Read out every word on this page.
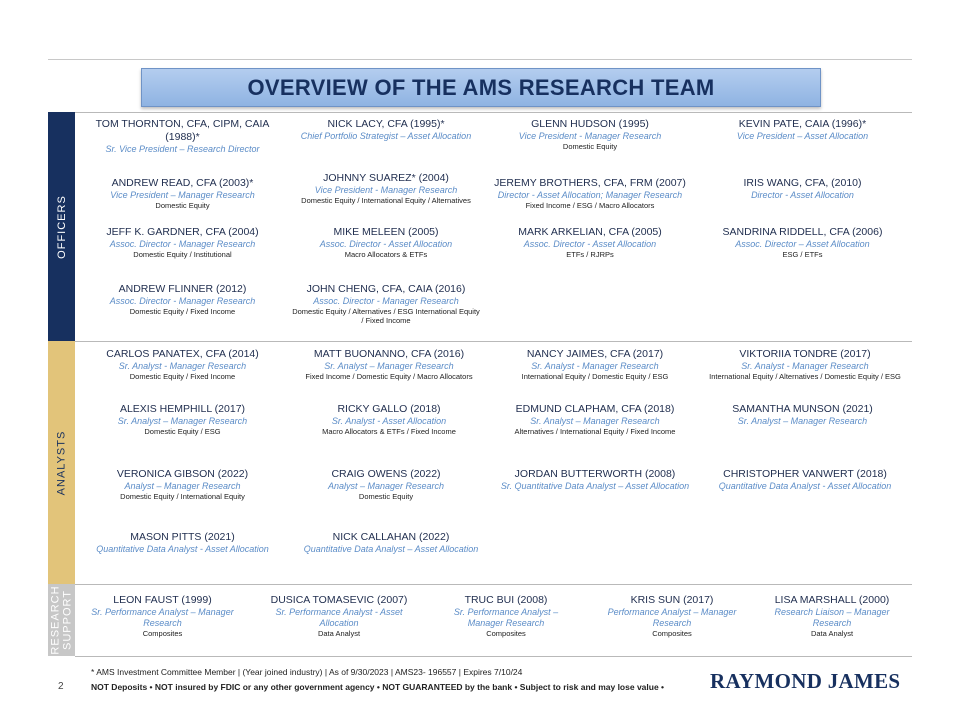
OVERVIEW OF THE AMS RESEARCH TEAM
OFFICERS
ANALYSTS
RESEARCH SUPPORT
TOM THORNTON, CFA, CIPM, CAIA (1988)*
Sr. Vice President – Research Director
NICK LACY, CFA (1995)*
Chief Portfolio Strategist – Asset Allocation
GLENN HUDSON (1995)
Vice President - Manager Research
Domestic Equity
KEVIN PATE, CAIA (1996)*
Vice President – Asset Allocation
ANDREW READ, CFA (2003)*
Vice President – Manager Research
Domestic Equity
JOHNNY SUAREZ* (2004)
Vice President - Manager Research
Domestic Equity / International Equity / Alternatives
JEREMY BROTHERS, CFA, FRM (2007)
Director - Asset Allocation; Manager Research
Fixed Income / ESG / Macro Allocators
IRIS WANG, CFA, (2010)
Director - Asset Allocation
JEFF K. GARDNER, CFA (2004)
Assoc. Director - Manager Research
Domestic Equity / Institutional
MIKE MELEEN (2005)
Assoc. Director - Asset Allocation
Macro Allocators & ETFs
MARK ARKELIAN, CFA (2005)
Assoc. Director - Asset Allocation
ETFs / RJRPs
SANDRINA RIDDELL, CFA (2006)
Assoc. Director – Asset Allocation
ESG / ETFs
ANDREW FLINNER (2012)
Assoc. Director - Manager Research
Domestic Equity / Fixed Income
JOHN CHENG, CFA, CAIA (2016)
Assoc. Director - Manager Research
Domestic Equity / Alternatives / ESG International Equity / Fixed Income
CARLOS PANATEX, CFA (2014)
Sr. Analyst - Manager Research
Domestic Equity / Fixed Income
MATT BUONANNO, CFA (2016)
Sr. Analyst – Manager Research
Fixed Income / Domestic Equity / Macro Allocators
NANCY JAIMES, CFA (2017)
Sr. Analyst - Manager Research
International Equity / Domestic Equity / ESG
VIKTORIIA TONDRE (2017)
Sr. Analyst - Manager Research
International Equity / Alternatives / Domestic Equity / ESG
ALEXIS HEMPHILL (2017)
Sr. Analyst – Manager Research
Domestic Equity / ESG
RICKY GALLO (2018)
Sr. Analyst - Asset Allocation
Macro Allocators & ETFs / Fixed Income
EDMUND CLAPHAM, CFA (2018)
Sr. Analyst – Manager Research
Alternatives / International Equity / Fixed Income
SAMANTHA MUNSON (2021)
Sr. Analyst – Manager Research
VERONICA GIBSON (2022)
Analyst – Manager Research
Domestic Equity / International Equity
CRAIG OWENS (2022)
Analyst – Manager Research
Domestic Equity
JORDAN BUTTERWORTH (2008)
Sr. Quantitative Data Analyst – Asset Allocation
CHRISTOPHER VANWERT (2018)
Quantitative Data Analyst - Asset Allocation
MASON PITTS (2021)
Quantitative Data Analyst - Asset Allocation
NICK CALLAHAN (2022)
Quantitative Data Analyst – Asset Allocation
LEON FAUST (1999)
Sr. Performance Analyst – Manager Research
Composites
DUSICA TOMASEVIC (2007)
Sr. Performance Analyst - Asset Allocation
Data Analyst
TRUC BUI (2008)
Sr. Performance Analyst – Manager Research
Composites
KRIS SUN (2017)
Performance Analyst – Manager Research
Composites
LISA MARSHALL (2000)
Research Liaison – Manager Research
Data Analyst
2
* AMS Investment Committee Member | (Year joined industry) | As of 9/30/2023 | AMS23- 196557 | Expires 7/10/24
NOT Deposits • NOT insured by FDIC or any other government agency • NOT GUARANTEED by the bank • Subject to risk and may lose value • RAYMOND JAMES
